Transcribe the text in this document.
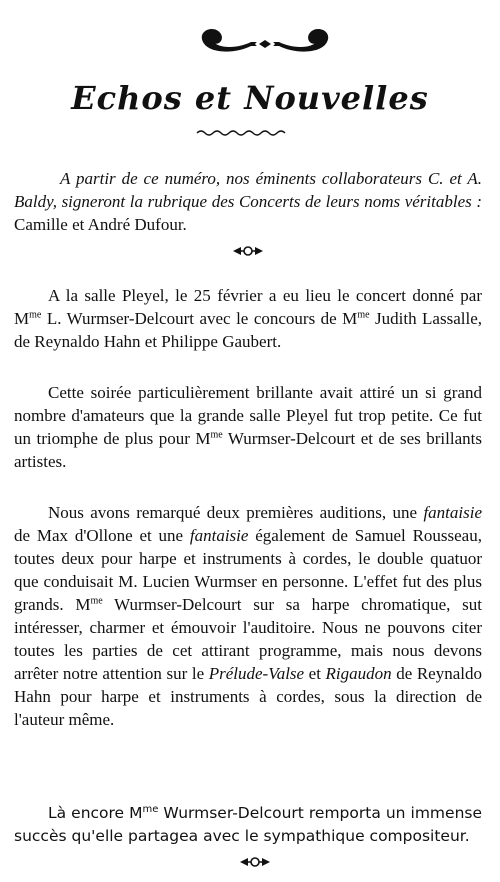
Echos et Nouvelles

A partir de ce numéro, nos éminents collaborateurs C. et A. Baldy, signeront la rubrique des Concerts de leurs noms véritables : Camille et André Dufour.

A la salle Pleyel, le 25 février a eu lieu le concert donné par $M^{me}$ L. Wurmser-Delcourt avec le concours de $M^{me}$ Judith Lassalle, de Reynaldo Hahn et Philippe Gaubert.

Cette soirée particulièrement brillante avait attiré un si grand nombre d'amateurs que la grande salle Pleyel fut trop petite. Ce fut un triomphe de plus pour $M^{me}$ Wurmser-Delcourt et de ses brillants artistes.

Nous avons remarqué deux premières auditions, une fantaisie de Max d'Ollone et une fantaisie également de Samuel Rousseau, toutes deux pour harpe et instruments à cordes, le double quatuor que conduisait M. Lucien Wurmser en personne. L'effet fut des plus grands. $M^{me}$ Wurmser-Delcourt sur sa harpe chromatique, sut intéresser, charmer et émouvoir l'auditoire. Nous ne pouvons citer toutes les parties de cet attirant programme, mais nous devons arrêter notre attention sur le Prélude-Valse et Rigaudon de Reynaldo Hahn pour harpe et instruments à cordes, sous la direction de l'auteur même.

Là encore $M^{me}$ Wurmser-Delcourt remporta un immense succès qu'elle partagea avec le sympathique compositeur.
